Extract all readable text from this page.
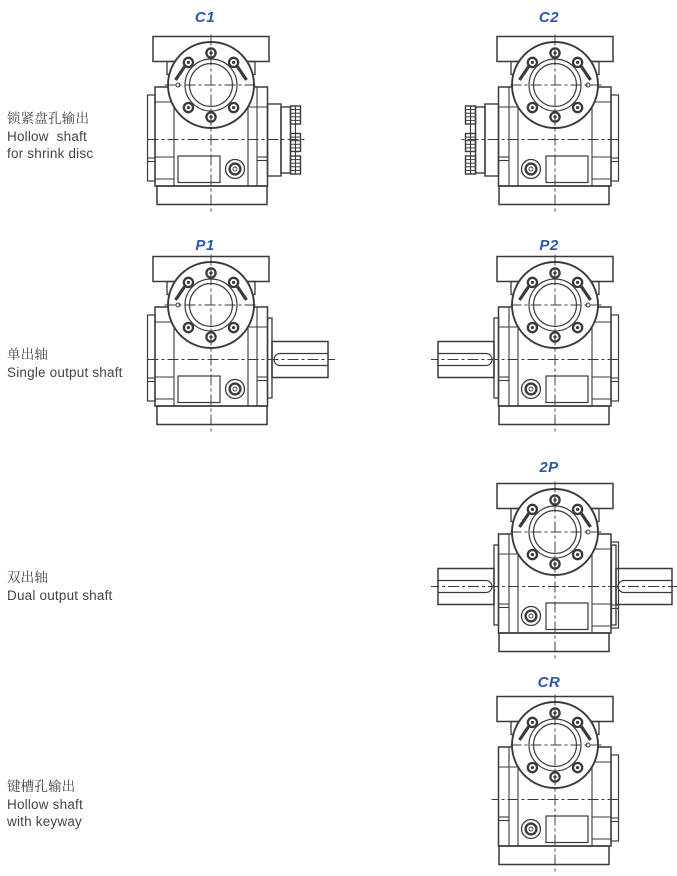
锁紧盘孔输出
Hollow shaft
for shrink disc
单出轴
Single output shaft
双出轴
Dual output shaft
键槽孔输出
Hollow shaft
with keyway
C1	C2
P1	P2
2P
CR
